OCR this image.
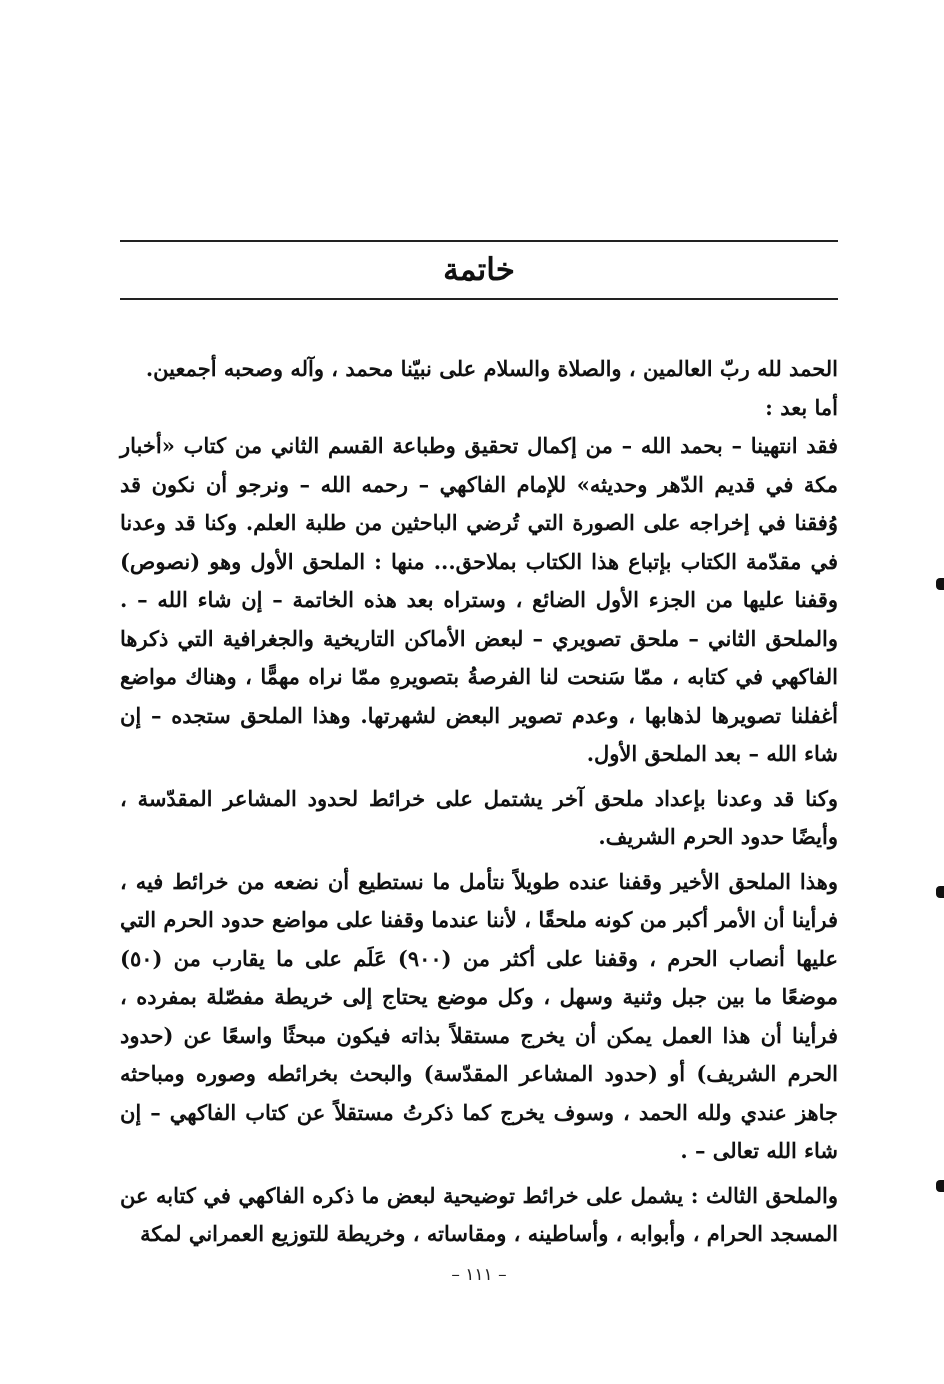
خاتمة

الحمد لله ربّ العالمين ، والصلاة والسلام على نبيّنا محمد ، وآله وصحبه أجمعين.

أما بعد :

فقد انتهينا – بحمد الله – من إكمال تحقيق وطباعة القسم الثاني من كتاب «أخبار مكة في قديم الدّهر وحديثه» للإمام الفاكهي – رحمه الله – ونرجو أن نكون قد وُفقنا في إخراجه على الصورة التي تُرضي الباحثين من طلبة العلم. وكنا قد وعدنا في مقدّمة الكتاب بإتباع هذا الكتاب بملاحق... منها : الملحق الأول وهو (نصوص) وقفنا عليها من الجزء الأول الضائع ، وستراه بعد هذه الخاتمة – إن شاء الله – . والملحق الثاني – ملحق تصويري – لبعض الأماكن التاريخية والجغرافية التي ذكرها الفاكهي في كتابه ، ممّا سَنحت لنا الفرصةُ بتصويرهِ ممّا نراه مهمًّا ، وهناك مواضع أغفلنا تصويرها لذهابها ، وعدم تصوير البعض لشهرتها. وهذا الملحق ستجده – إن شاء الله – بعد الملحق الأول.

وكنا قد وعدنا بإعداد ملحق آخر يشتمل على خرائط لحدود المشاعر المقدّسة ، وأيضًا حدود الحرم الشريف.

وهذا الملحق الأخير وقفنا عنده طويلاً نتأمل ما نستطيع أن نضعه من خرائط فيه ، فرأينا أن الأمر أكبر من كونه ملحقًا ، لأننا عندما وقفنا على مواضع حدود الحرم التي عليها أنصاب الحرم ، وقفنا على أكثر من (٩٠٠) عَلَم على ما يقارب من (٥٠) موضعًا ما بين جبل وثنية وسهل ، وكل موضع يحتاج إلى خريطة مفصّلة بمفرده ، فرأينا أن هذا العمل يمكن أن يخرج مستقلاً بذاته فيكون مبحثًا واسعًا عن (حدود الحرم الشريف) أو (حدود المشاعر المقدّسة) والبحث بخرائطه وصوره ومباحثه جاهز عندي ولله الحمد ، وسوف يخرج كما ذكرتُ مستقلاً عن كتاب الفاكهي – إن شاء الله تعالى – .

والملحق الثالث : يشمل على خرائط توضيحية لبعض ما ذكره الفاكهي في كتابه عن المسجد الحرام ، وأبوابه ، وأساطينه ، ومقاساته ، وخريطة للتوزيع العمراني لمكة

– ١١١ –
